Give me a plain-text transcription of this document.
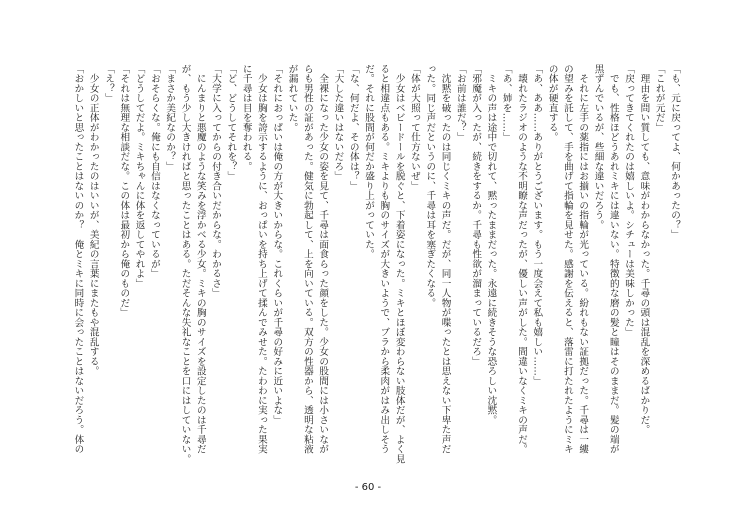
「も、元に戻ってよ、何かあったの？」
「これが元だ」
　理由を問い質しても、意味がわからなかった。千尋の頭は混乱を深めるばかりだ。
「戻ってきてくれたのは嬉しいよ。シチューは美味しかった」
　でも、性格ほどうあれミキには違いない。特徴的な磨の髪と瞳はそのままだ。髪の端が
黒ずんでいるが、些細な違いだろう。
　それに左手の薬指にはお揃いの指輪が光っている。紛れもない証拠だった。千尋は一縷
の望みを託して、手を曲げて指輪を見せた。感謝を伝えると、落雷に打たれたようにミキ
の体が硬直する。
「あ、ああ……ありがとうございます。もう一度会えて私も嬉しい……」
　壊れたラジオのような不明瞭な声だったが、優しい声がした。間違いなくミキの声だ。
「あ、姉を……」
　ミキの声は途中で切れて、黙ったままだった。永遠に続きそうな恐ろしい沈黙。
「邪魔が入ったが、続きをするか。千尋も性欲が溜まっているだろ」
「お前は誰だ？」
　沈黙を破ったのは同じくミキの声だ。だが、同一人物が喋ったとは思えない下卑た声だ
った。同じ声だというのに、千尋は耳を塞ぎたくなる。
「体が大照って仕方ないぜ」
　少女はベビードールを脱ぐと、下着姿になった。ミキとほぼ変わらない肢体だが、よく見
ると相違点もある。ミキよりも胸のサイズが大きいようで、ブラから柔肉がはみ出しそう
だ。それに股間が何だか盛り上がっていた。
「な、何だよ、その体は？」
「大した違いはないだろ」
　全裸になった少女の姿を見て、千尋は面食らった顔をした。少女の股間には小さいなが
らも男性の証があった。健気に勃起して、上を向いている。双方の性器から、透明な粘液
が漏れていた。
「それにおっぱいは俺の方が大きいからな。これくらいが千尋の好みに近いよな」
　少女は胸を誇示するように、おっぱいを持ち上げて揉んでみせた。たわわに実った果実
に千尋は目を奪われる。
「ど、どうしてそれを？」
「大学に入ってからの付き合いだからな。わかるさ」
　にんまりと悪魔のような笑みを浮かべる少女。ミキの胸のサイズを設定したのは千尋だ
が、もう少し大きければと思ったことはある。ただそんな失礼なことを口にはしていない。
「まさか美紀なのか？」
「おそらくな。俺にも自信はなくなっているが」
「どうしてだよ。ミキちゃんに体を返してやれよ」
「それは無理な相談だな。この体は最初から俺のものだ」
「え？」
　少女の正体がわかったのはいいが、美紀の言葉にまたもや混乱する。
「おかしいと思ったことはないのか？　俺とミキに同時に会ったことはないだろう。体の
- 60 -
